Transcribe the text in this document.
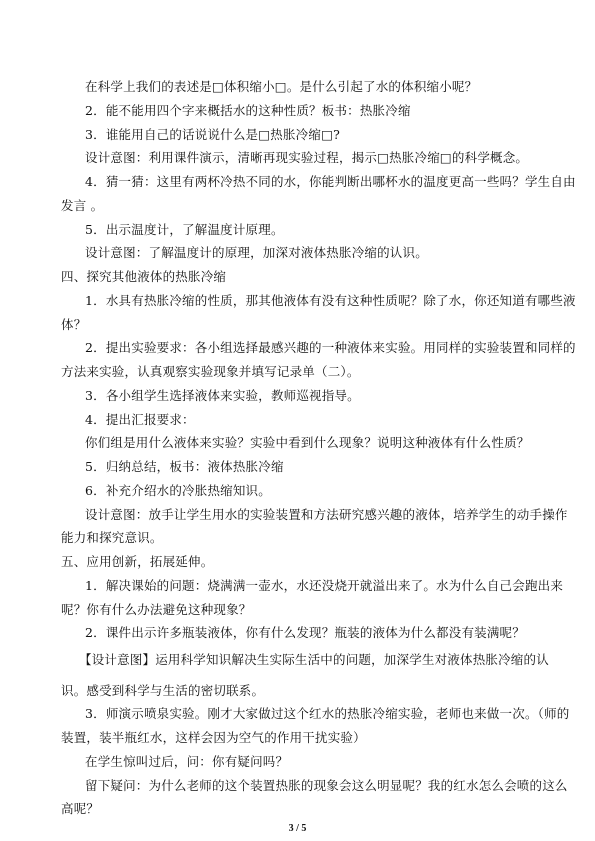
在科学上我们的表述是□体积缩小□。是什么引起了水的体积缩小呢？
2．能不能用四个字来概括水的这种性质？板书：热胀冷缩
3．谁能用自己的话说说什么是□热胀冷缩□?
设计意图：利用课件演示，清晰再现实验过程，揭示□热胀冷缩□的科学概念。
4．猜一猜：这里有两杯冷热不同的水，你能判断出哪杯水的温度更高一些吗？学生自由
发言 。
5．出示温度计，了解温度计原理。
设计意图：了解温度计的原理，加深对液体热胀冷缩的认识。
四、探究其他液体的热胀冷缩
1．水具有热胀冷缩的性质，那其他液体有没有这种性质呢？除了水，你还知道有哪些液
体？
2．提出实验要求：各小组选择最感兴趣的一种液体来实验。用同样的实验装置和同样的
方法来实验，认真观察实验现象并填写记录单（二）。
3．各小组学生选择液体来实验，教师巡视指导。
4．提出汇报要求：
你们组是用什么液体来实验？实验中看到什么现象？说明这种液体有什么性质？
5．归纳总结，板书：液体热胀冷缩
6．补充介绍水的冷胀热缩知识。
设计意图：放手让学生用水的实验装置和方法研究感兴趣的液体，培养学生的动手操作
能力和探究意识。
五、应用创新，拓展延伸。
1．解决课始的问题：烧满满一壶水，水还没烧开就溢出来了。水为什么自己会跑出来
呢？你有什么办法避免这种现象？
2．课件出示许多瓶装液体，你有什么发现？瓶装的液体为什么都没有装满呢？
【设计意图】运用科学知识解决生实际生活中的问题，加深学生对液体热胀冷缩的认
识。感受到科学与生活的密切联系。
3．师演示喷泉实验。刚才大家做过这个红水的热胀冷缩实验，老师也来做一次。（师的
装置，装半瓶红水，这样会因为空气的作用干扰实验）
在学生惊叫过后，问：你有疑问吗？
留下疑问：为什么老师的这个装置热胀的现象会这么明显呢？我的红水怎么会喷的这么
高呢？
3 / 5
